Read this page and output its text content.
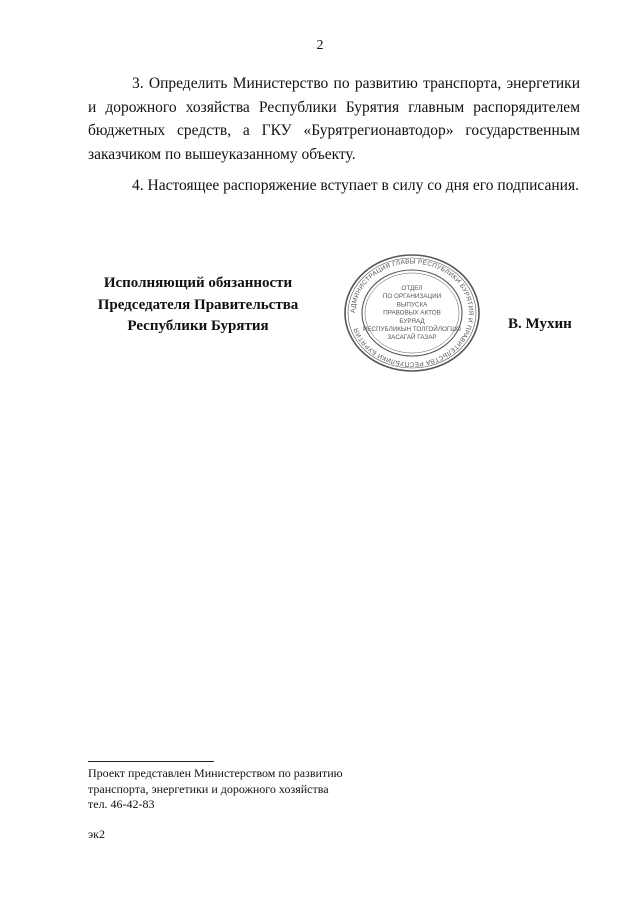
2

3. Определить Министерство по развитию транспорта, энергетики и дорожного хозяйства Республики Бурятия главным распорядителем бюджетных средств, а ГКУ «Бурятрегионавтодор» государственным заказчиком по вышеуказанному объекту.

4. Настоящее распоряжение вступает в силу со дня его подписания.

Исполняющий обязанности
Председателя Правительства
Республики Бурятия
АДМИНИСТРАЦИЯ ГЛАВЫ РЕСПУБЛИКИ БУРЯТИЯ И ПРАВИТЕЛЬСТВА РЕСПУБЛИКИ БУРЯТИЯ
ОТДЕЛ
ПО ОРГАНИЗАЦИИ
ВЫПУСКА
ПРАВОВЫХ АКТОВ
БУРЯАД
РЕСПУБЛИКЫН ТОЛГОЙЛОГШО
ЗАСАГАЙ ГАЗАР
В. Мухин
Проект представлен Министерством по развитию
транспорта, энергетики и дорожного хозяйства
тел. 46-42-83
эк2
